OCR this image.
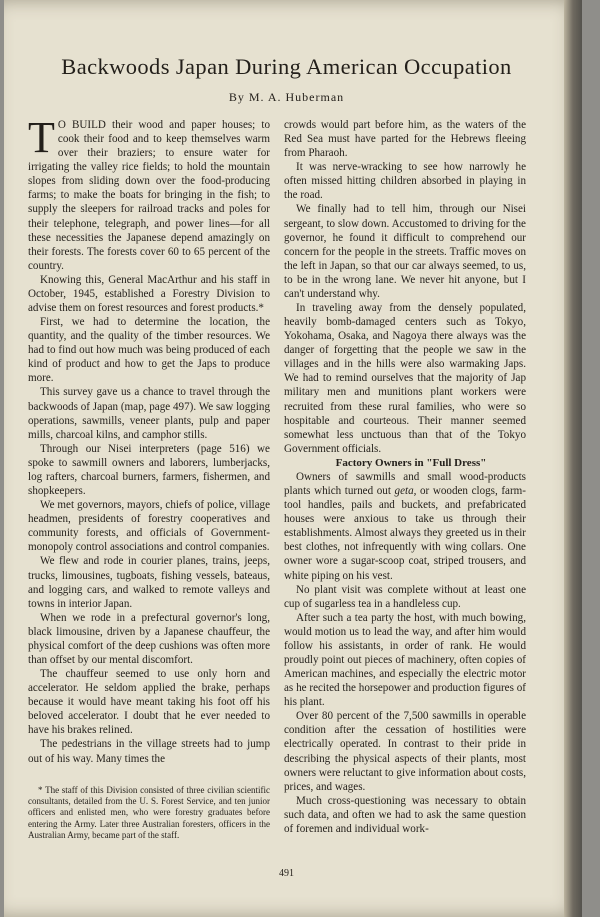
Backwoods Japan During American Occupation
By M. A. Huberman

T O BUILD their wood and paper houses; to cook their food and to keep themselves warm over their braziers; to ensure water for irrigating the valley rice fields; to hold the mountain slopes from sliding down over the food-producing farms; to make the boats for bringing in the fish; to supply the sleepers for railroad tracks and poles for their telephone, telegraph, and power lines—for all these necessities the Japanese depend amazingly on their forests. The forests cover 60 to 65 percent of the country.

Knowing this, General MacArthur and his staff in October, 1945, established a Forestry Division to advise them on forest resources and forest products.*

First, we had to determine the location, the quantity, and the quality of the timber resources. We had to find out how much was being produced of each kind of product and how to get the Japs to produce more.

This survey gave us a chance to travel through the backwoods of Japan (map, page 497). We saw logging operations, sawmills, veneer plants, pulp and paper mills, charcoal kilns, and camphor stills.

Through our Nisei interpreters (page 516) we spoke to sawmill owners and laborers, lumberjacks, log rafters, charcoal burners, farmers, fishermen, and shopkeepers.

We met governors, mayors, chiefs of police, village headmen, presidents of forestry cooperatives and community forests, and officials of Government-monopoly control associations and control companies.

We flew and rode in courier planes, trains, jeeps, trucks, limousines, tugboats, fishing vessels, bateaus, and logging cars, and walked to remote valleys and towns in interior Japan.

When we rode in a prefectural governor's long, black limousine, driven by a Japanese chauffeur, the physical comfort of the deep cushions was often more than offset by our mental discomfort.

The chauffeur seemed to use only horn and accelerator. He seldom applied the brake, perhaps because it would have meant taking his foot off his beloved accelerator. I doubt that he ever needed to have his brakes relined.

The pedestrians in the village streets had to jump out of his way. Many times the

crowds would part before him, as the waters of the Red Sea must have parted for the Hebrews fleeing from Pharaoh.

It was nerve-wracking to see how narrowly he often missed hitting children absorbed in playing in the road.

We finally had to tell him, through our Nisei sergeant, to slow down. Accustomed to driving for the governor, he found it difficult to comprehend our concern for the people in the streets. Traffic moves on the left in Japan, so that our car always seemed, to us, to be in the wrong lane. We never hit anyone, but I can't understand why.

In traveling away from the densely populated, heavily bomb-damaged centers such as Tokyo, Yokohama, Osaka, and Nagoya there always was the danger of forgetting that the people we saw in the villages and in the hills were also warmaking Japs. We had to remind ourselves that the majority of Jap military men and munitions plant workers were recruited from these rural families, who were so hospitable and courteous. Their manner seemed somewhat less unctuous than that of the Tokyo Government officials.

Factory Owners in "Full Dress"

Owners of sawmills and small wood-products plants which turned out geta, or wooden clogs, farm-tool handles, pails and buckets, and prefabricated houses were anxious to take us through their establishments. Almost always they greeted us in their best clothes, not infrequently with wing collars. One owner wore a sugar-scoop coat, striped trousers, and white piping on his vest.

No plant visit was complete without at least one cup of sugarless tea in a handleless cup.

After such a tea party the host, with much bowing, would motion us to lead the way, and after him would follow his assistants, in order of rank. He would proudly point out pieces of machinery, often copies of American machines, and especially the electric motor as he recited the horsepower and production figures of his plant.

Over 80 percent of the 7,500 sawmills in operable condition after the cessation of hostilities were electrically operated. In contrast to their pride in describing the physical aspects of their plants, most owners were reluctant to give information about costs, prices, and wages.

Much cross-questioning was necessary to obtain such data, and often we had to ask the same question of foremen and individual work-

* The staff of this Division consisted of three civilian scientific consultants, detailed from the U. S. Forest Service, and ten junior officers and enlisted men, who were forestry graduates before entering the Army. Later three Australian foresters, officers in the Australian Army, became part of the staff.
491
